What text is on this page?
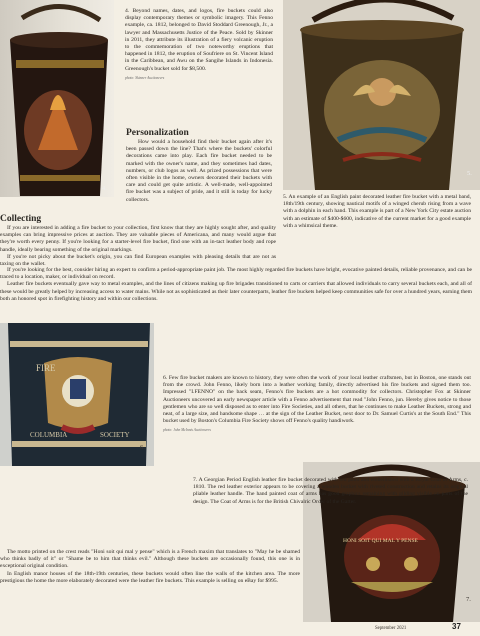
4.
4. Beyond names, dates, and logos, fire buckets could also display contemporary themes or symbolic imagery. This Fenno example, ca. 1812, belonged to David Stoddard Greenough, Jr., a lawyer and Massachusetts Justice of the Peace. Sold by Skinner in 2011, they attribute its illustration of a fiery volcanic eruption to the commemoration of two noteworthy eruptions that happened in 1812, the eruption of Soufriere on St. Vincent Island in the Caribbean, and Awu on the Sangihe Islands in Indonesia. Greenough's bucket sold for $8,500.
photo: Skinner Auctioneers
5.
Personalization

How would a household find their bucket again after it's been passed down the line? That's where the buckets' colorful decorations came into play. Each fire bucket needed to be marked with the owner's name, and they sometimes had dates, numbers, or club logos as well. As prized possessions that were often visible in the home, owners decorated their buckets with care and could get quite artistic. A well-made, well-appointed fire bucket was a subject of pride, and it still is today for lucky collectors.	5. An example of an English paint decorated leather fire bucket with a metal band, 18th/19th century, showing nautical motifs of a winged cherub rising from a wave with a dolphin in each hand. This example is part of a New York City estate auction with an estimate of $400-$600, indicative of the current market for a good example with a whimsical theme.
Collecting

If you are interested in adding a fire bucket to your collection, first know that they are highly sought after, and quality examples can bring impressive prices at auction. They are valuable pieces of Americana, and many would argue that they're worth every penny. If you're looking for a starter-level fire bucket, find one with an in-tact leather body and rope handle, ideally bearing something of the original markings.

If you're not picky about the bucket's origin, you can find European examples with pleasing details that are not as taxing on the wallet.

If you're looking for the best, consider hiring an expert to confirm a period-appropriate paint job. The most highly regarded fire buckets have bright, evocative painted details, reliable provenance, and can be traced to a location, maker, or individual on record.

Leather fire buckets eventually gave way to metal examples, and the lines of citizens making up fire brigades transitioned to carts or carriers that allowed individuals to carry several buckets each, and all of these would be greatly helped by increasing access to water mains. While not as sophisticated as their later counterparts, leather fire buckets helped keep communities safe for over a hundred years, earning them both an honored spot in firefighting history and within our collections.

FIRE
COLUMBIA	SOCIETY
6.
6. Few fire bucket makers are known to history, they were often the work of your local leather craftsmen, but in Boston, one stands out from the crowd. John Fenno, likely born into a leather working family, directly advertised his fire buckets and signed them too. Impressed "I.FENNO" on the back seam, Fenno's fire buckets are a hot commodity for collectors. Christopher Fox at Skinner Auctioneers uncovered an early newspaper article with a Fenno advertisement that read "John Fenno, jun. Hereby gives notice to those gentlemen who are so well disposed as to enter into Fire Societies, and all others, that he continues to make Leather Buckets, strong and neat, of a large size, and handsome shape … at the sign of the Leather Bucket, next door to Dr. Samuel Curtis's at the South End." This bucket used by Boston's Columbia Fire Society shows off Fenno's quality handiwork.
photo: John McInnis Auctioneers
HONI SOIT QUI MAL Y PENSE
7.

7. A Georgian Period English leather fire bucket decorated with red paint and embellished with a Royal Coat of Arms, c. 1810. The red leather exterior appears to be covering a wooden bucket with riveted construction and retains its original pliable leather handle. The hand painted coat of arms has good graphics remaining with gilding visible on parts of the design. The Coat of Arms is for the British Chivalric Order of the Garter.

The motto printed on the crest reads "Honi soit qui mal y pense" which is a French maxim that translates to "May he be shamed who thinks badly of it" or "Shame be to him that thinks evil." Although these buckets are occasionally found, this one is in exceptional original condition.

In English manor houses of the 18th-19th centuries, these buckets would often line the walls of the kitchen area. The more prestigious the home the more elaborately decorated were the leather fire buckets. This example is selling on eBay for $995.

September 2021	37
